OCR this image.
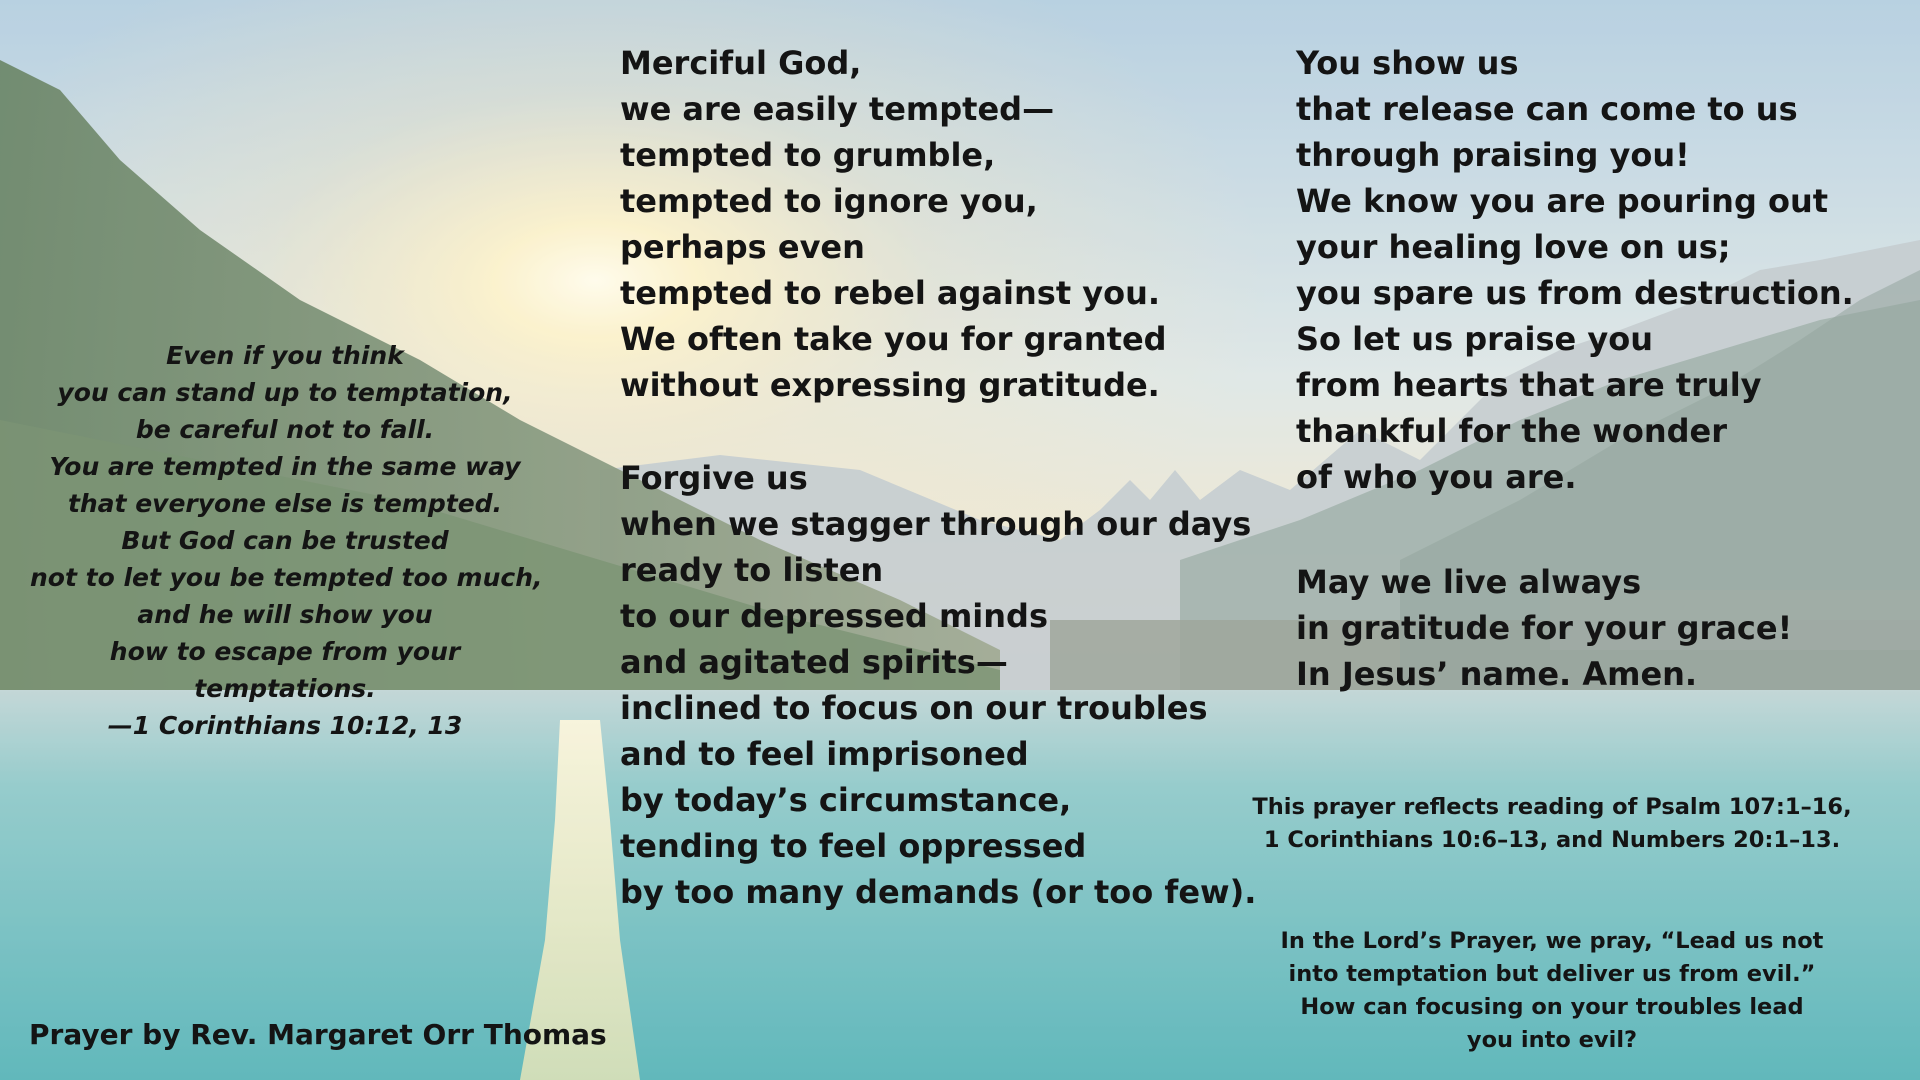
Even if you think
you can stand up to temptation,
be careful not to fall.
You are tempted in the same way
that everyone else is tempted.
But God can be trusted
not to let you be tempted too much,
and he will show you
how to escape from your
temptations.
—1 Corinthians 10:12, 13
Merciful God,
we are easily tempted—
tempted to grumble,
tempted to ignore you,
perhaps even
tempted to rebel against you.
We often take you for granted
without expressing gratitude.
Forgive us
when we stagger through our days
ready to listen
to our depressed minds
and agitated spirits—
inclined to focus on our troubles
and to feel imprisoned
by today’s circumstance,
tending to feel oppressed
by too many demands (or too few).
You show us
that release can come to us
through praising you!
We know you are pouring out
your healing love on us;
you spare us from destruction.
So let us praise you
from hearts that are truly
thankful for the wonder
of who you are.
May we live always
in gratitude for your grace!
In Jesus’ name. Amen.
This prayer reflects reading of Psalm 107:1–16,
1 Corinthians 10:6–13, and Numbers 20:1–13.
In the Lord’s Prayer, we pray, “Lead us not
into temptation but deliver us from evil.”
How can focusing on your troubles lead
you into evil?
Prayer by Rev. Margaret Orr Thomas
